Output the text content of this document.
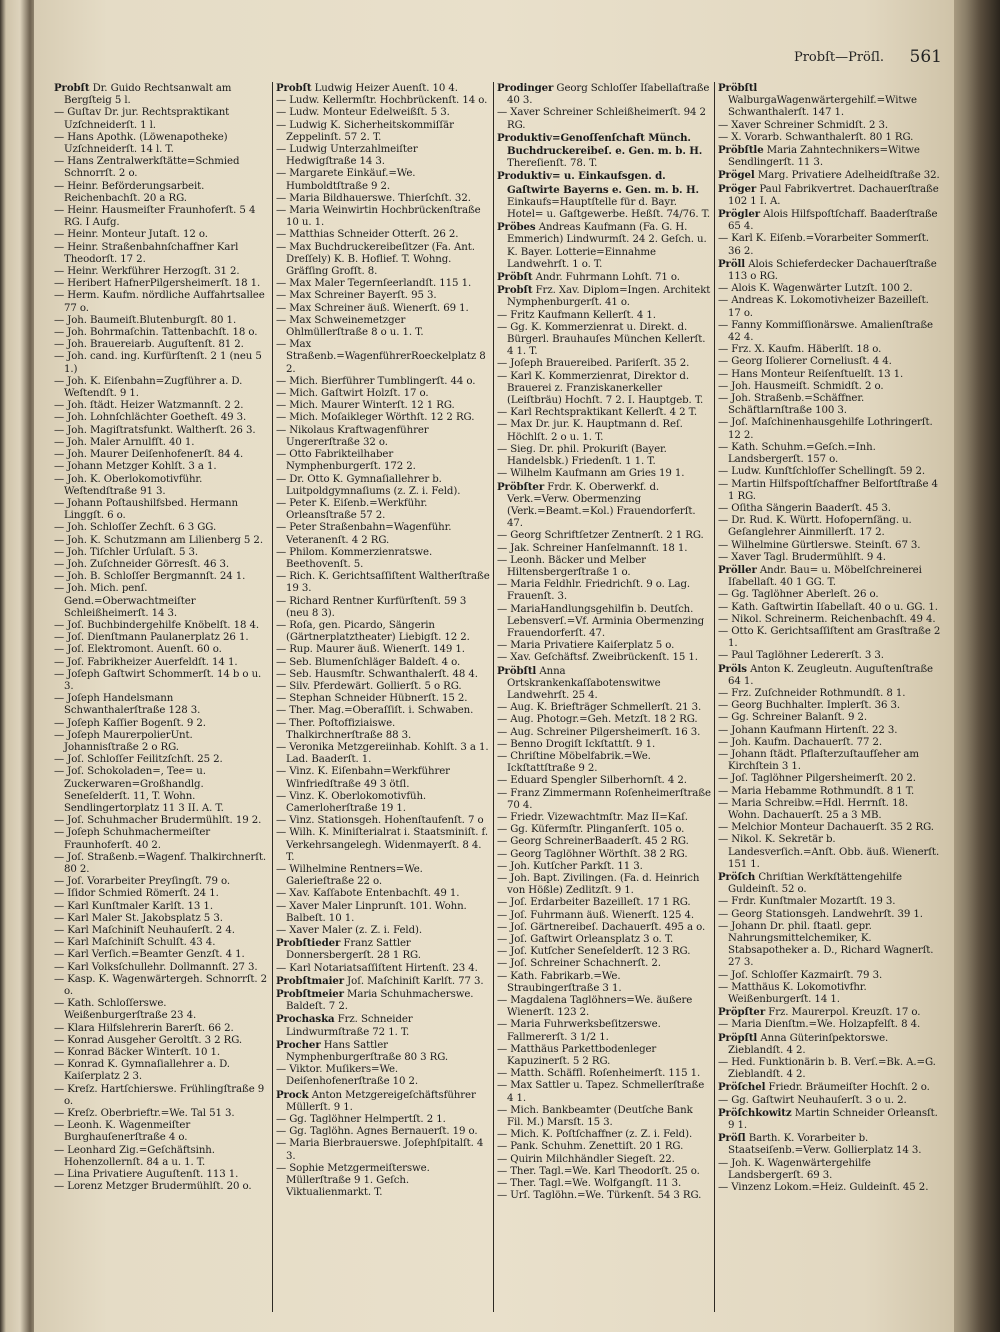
Probſt—Pröſl. 561

Probſt Dr. Guido Rechtsanwalt am Bergſteig 5 l.

— Guſtav Dr. jur. Rechtspraktikant Uzſchneiderſt. 1 l.

— Hans Apothk. (Löwenapotheke) Uzſchneiderſt. 14 l. T.

— Hans Zentralwerkſtätte=Schmied Schnorrſt. 2 o.

— Heinr. Beförderungsarbeit. Reichenbachſt. 20 a RG.

— Heinr. Hausmeiſter Fraunhoferſt. 5 4 RG. I Aufg.

— Heinr. Monteur Jutaſt. 12 o.

— Heinr. Straßenbahnſchaffner Karl Theodorſt. 17 2.

— Heinr. Werkführer Herzogſt. 31 2.

— Heribert HafnerPilgersheimerſt. 18 1.

— Herm. Kaufm. nördliche Auffahrtsallee 77 o.

— Joh. Baumeiſt.Blutenburgſt. 80 1.

— Joh. Bohrmaſchin. Tattenbachſt. 18 o.

— Joh. Brauereiarb. Auguſtenſt. 81 2.

— Joh. cand. ing. Kurfürſtenſt. 2 1 (neu 5 1.)

— Joh. K. Eiſenbahn=Zugführer a. D. Weſtendſt. 9 1.

— Joh. ſtädt. Heizer Watzmannſt. 2 2.

— Joh. Lohnſchlächter Goetheſt. 49 3.

— Joh. Magiſtratsfunkt. Waltherſt. 26 3.

— Joh. Maler Arnulfſt. 40 1.

— Joh. Maurer Deiſenhofenerſt. 84 4.

— Johann Metzger Kohlſt. 3 a 1.

— Joh. K. Oberlokomotivführ. Weſtendſtraße 91 3.

— Johann Poſtaushilfsbed. Hermann Linggſt. 6 o.

— Joh. Schloſſer Zechſt. 6 3 GG.

— Joh. K. Schutzmann am Lilienberg 5 2.

— Joh. Tiſchler Urſulaſt. 5 3.

— Joh. Zuſchneider Görresſt. 46 3.

— Joh. B. Schloſſer Bergmannſt. 24 1.

— Joh. Mich. penſ. Gend.=Oberwachtmeiſter Schleißheimerſt. 14 3.

— Joſ. Buchbindergehilfe Knöbelſt. 18 4.

— Joſ. Dienſtmann Paulanerplatz 26 1.

— Joſ. Elektromont. Auenſt. 60 o.

— Joſ. Fabrikheizer Auerfeldſt. 14 1.

— Joſeph Gaſtwirt Schommerſt. 14 b o u. 3.

— Joſeph Handelsmann Schwanthalerſtraße 128 3.

— Joſeph Kaſſier Bogenſt. 9 2.

— Joſeph MaurerpolierUnt. Johannisſtraße 2 o RG.

— Joſ. Schloſſer Feilitzſchſt. 25 2.

— Joſ. Schokoladen=, Tee= u. Zuckerwaren=Großhandlg. Seneſelderſt. 11, T. Wohn. Sendlingertorplatz 11 3 II. A. T.

— Joſ. Schuhmacher Brudermühlſt. 19 2.

— Joſeph Schuhmachermeiſter Fraunhoferſt. 40 2.

— Joſ. Straßenb.=Wagenf. Thalkirchnerſt. 80 2.

— Joſ. Vorarbeiter Preyſingſt. 79 o.

— Iſidor Schmied Römerſt. 24 1.

— Karl Kunſtmaler Karlſt. 13 1.

— Karl Maler St. Jakobsplatz 5 3.

— Karl Maſchiniſt Neuhauſerſt. 2 4.

— Karl Maſchiniſt Schulſt. 43 4.

— Karl Verſich.=Beamter Genzſt. 4 1.

— Karl Volksſchullehr. Dollmannſt. 27 3.

— Kasp. K. Wagenwärtergeh. Schnorrſt. 2 o.

— Kath. Schloſſerswe. Weißenburgerſtraße 23 4.

— Klara Hilfslehrerin Barerſt. 66 2.

— Konrad Ausgeher Geroltſt. 3 2 RG.

— Konrad Bäcker Winterſt. 10 1.

— Konrad K. Gymnaſiallehrer a. D. Kaiſerplatz 2 3.

— Kreſz. Hartſchierswe. Frühlingſtraße 9 o.

— Kreſz. Oberbrieftr.=We. Tal 51 3.

— Leonh. K. Wagenmeiſter Burghauſenerſtraße 4 o.

— Leonhard Zig.=Geſchäftsinh. Hohenzollernſt. 84 a u. 1. T.

— Lina Privatiere Auguſtenſt. 113 1.

— Lorenz Metzger Brudermühlſt. 20 o.

Probſt Ludwig Heizer Auenſt. 10 4.

— Ludw. Kellermſtr. Hochbrückenſt. 14 o.

— Ludw. Monteur Edelweißſt. 5 3.

— Ludwig K. Sicherheitskommiſſär Zeppelinſt. 57 2. T.

— Ludwig Unterzahlmeiſter Hedwigſtraße 14 3.

— Margarete Einkäuf.=We. Humboldtſtraße 9 2.

— Maria Bildhauerswe. Thierſchſt. 32.

— Maria Weinwirtin Hochbrückenſtraße 10 u. 1.

— Matthias Schneider Otterſt. 26 2.

— Max Buchdruckereibeſitzer (Fa. Ant. Dreſſely) K. B. Hoflief. T. Wohng. Gräfſing Grofſt. 8.

— Max Maler Tegernſeerlandſt. 115 1.

— Max Schreiner Bayerſt. 95 3.

— Max Schreiner äuß. Wienerſt. 69 1.

— Max Schweinemetzger Ohlmüllerſtraße 8 o u. 1. T.

— Max Straßenb.=WagenführerRoeckelplatz 8 2.

— Mich. Bierführer Tumblingerſt. 44 o.

— Mich. Gaſtwirt Holzſt. 17 o.

— Mich. Maurer Winterſt. 12 1 RG.

— Mich. Moſaikleger Wörthſt. 12 2 RG.

— Nikolaus Kraftwagenführer Ungererſtraße 32 o.

— Otto Fabrikteilhaber Nymphenburgerſt. 172 2.

— Dr. Otto K. Gymnaſiallehrer b. Luitpoldgymnaſiums (z. Z. i. Feld).

— Peter K. Eiſenb.=Werkführ. Orleansſtraße 57 2.

— Peter Straßenbahn=Wagenführ. Veteranenſt. 4 2 RG.

— Philom. Kommerzienratswe. Beethovenſt. 5.

— Rich. K. Gerichtsaſſiſtent Waltherſtraße 19 3.

— Richard Rentner Kurfürſtenſt. 59 3 (neu 8 3).

— Roſa, gen. Picardo, Sängerin (Gärtnerplatztheater) Liebigſt. 12 2.

— Rup. Maurer äuß. Wienerſt. 149 1.

— Seb. Blumenſchläger Baldeſt. 4 o.

— Seb. Hausmſtr. Schwanthalerſt. 48 4.

— Silv. Pferdewärt. Gollierſt. 5 o RG.

— Stephan Schneider Hübnerſt. 15 2.

— Ther. Mag.=Oberaſſiſt. i. Schwaben.

— Ther. Poſtoffiziaiswe. Thalkirchnerſtraße 88 3.

— Veronika Metzgereiinhab. Kohlſt. 3 a 1. Lad. Baaderſt. 1.

— Vinz. K. Eiſenbahn=Werkführer Winfriedſtraße 49 3 ötſl.

— Vinz. K. Oberlokomotivfüh. Camerloherſtraße 19 1.

— Vinz. Stationsgeh. Hohenſtaufenſt. 7 o

— Wilh. K. Miniſterialrat i. Staatsminiſt. f. Verkehrsangelegh. Widenmayerſt. 8 4. T.

— Wilhelmine Rentners=We. Galerieſtraße 22 o.

— Xav. Kaſſabote Entenbachſt. 49 1.

— Xaver Maler Linprunſt. 101. Wohn. Balbeſt. 10 1.

— Xaver Maler (z. Z. i. Feld).

Probſtieder Franz Sattler Donnersbergerſt. 28 1 RG.

— Karl Notariatsaſſiſtent Hirtenſt. 23 4.

Probſtmaier Joſ. Maſchiniſt Karlſt. 77 3.

Probſtmeier Maria Schuhmacherswe. Baldeſt. 7 2.

Prochaska Frz. Schneider Lindwurmſtraße 72 1. T.

Procher Hans Sattler Nymphenburgerſtraße 80 3 RG.

— Viktor. Muſikers=We. Deiſenhofenerſtraße 10 2.

Prock Anton Metzgereigeſchäftsführer Müllerſt. 9 1.

— Gg. Taglöhner Helmpertſt. 2 1.

— Gg. Taglöhn. Agnes Bernauerſt. 19 o.

— Maria Bierbrauerswe. Joſephſpitalſt. 4 3.

— Sophie Metzgermeiſterswe. Müllerſtraße 9 1. Geſch. Viktualienmarkt. T.

Prodinger Georg Schloſſer Iſabellaſtraße 40 3.

— Xaver Schreiner Schleißheimerſt. 94 2 RG.

Produktiv=Genoſſenſchaft Münch. Buchdruckereibeſ. e. Gen. m. b. H. Thereſienſt. 78. T.

Produktiv= u. Einkaufsgen. d. Gaſtwirte Bayerns e. Gen. m. b. H. Einkaufs=Hauptſtelle für d. Bayr. Hotel= u. Gaſtgewerbe. Heßſt. 74/76. T.

Pröbes Andreas Kaufmann (Fa. G. H. Emmerich) Lindwurmſt. 24 2. Geſch. u. K. Bayer. Lotterie=Einnahme Landwehrſt. 1 o. T.

Pröbſt Andr. Fuhrmann Lohſt. 71 o.

Probſt Frz. Xav. Diplom=Ingen. Architekt Nymphenburgerſt. 41 o.

— Fritz Kaufmann Kellerſt. 4 1.

— Gg. K. Kommerzienrat u. Direkt. d. Bürgerl. Brauhauſes München Kellerſt. 4 1. T.

— Joſeph Brauereibed. Pariſerſt. 35 2.

— Karl K. Kommerzienrat, Direktor d. Brauerei z. Franziskanerkeller (Leiſtbräu) Hochſt. 7 2. I. Hauptgeb. T.

— Karl Rechtspraktikant Kellerſt. 4 2 T.

— Max Dr. jur. K. Hauptmann d. Reſ. Höchlſt. 2 o u. 1. T.

— Sieg. Dr. phil. Prokuriſt (Bayer. Handelsbk.) Friedenſt. 1 1. T.

— Wilhelm Kaufmann am Gries 19 1.

Pröbſter Frdr. K. Oberwerkf. d. Verk.=Verw. Obermenzing (Verk.=Beamt.=Kol.) Frauendorferſt. 47.

— Georg Schriftſetzer Zentnerſt. 2 1 RG.

— Jak. Schreiner Hanſelmannſt. 18 1.

— Leonh. Bäcker und Melber Hiltensbergerſtraße 1 o.

— Maria Feldhlr. Friedrichſt. 9 o. Lag. Frauenſt. 3.

— MariaHandlungsgehilfin b. Deutſch. Lebensverſ.=Vf. Arminia Obermenzing Frauendorferſt. 47.

— Maria Privatiere Kaiſerplatz 5 o.

— Xav. Geſchäftsf. Zweibrückenſt. 15 1.

Pröbſtl Anna Ortskrankenkaſſabotenswitwe Landwehrſt. 25 4.

— Aug. K. Briefträger Schmellerſt. 21 3.

— Aug. Photogr.=Geh. Metzſt. 18 2 RG.

— Aug. Schreiner Pilgersheimerſt. 16 3.

— Benno Drogiſt Ickſtattſt. 9 1.

— Chriſtine Möbelfabrik.=We. Ickſtattſtraße 9 2.

— Eduard Spengler Silberhornſt. 4 2.

— Franz Zimmermann Roſenheimerſtraße 70 4.

— Friedr. Vizewachtmſtr. Maz II=Kaſ.

— Gg. Küfermſtr. Plinganſerſt. 105 o.

— Georg SchreinerBaaderſt. 45 2 RG.

— Georg Taglöhner Wörthſt. 38 2 RG.

— Joh. Kutſcher Parkſt. 11 3.

— Joh. Bapt. Zivilingen. (Fa. d. Heinrich von Hößle) Zedlitzſt. 9 1.

— Joſ. Erdarbeiter Bazeilleſt. 17 1 RG.

— Joſ. Fuhrmann äuß. Wienerſt. 125 4.

— Joſ. Gärtnereibeſ. Dachauerſt. 495 a o.

— Joſ. Gaſtwirt Orleansplatz 3 o. T.

— Joſ. Kutſcher Seneſelderſt. 12 3 RG.

— Joſ. Schreiner Schachnerſt. 2.

— Kath. Fabrikarb.=We. Straubingerſtraße 3 1.

— Magdalena Taglöhners=We. äußere Wienerſt. 123 2.

— Maria Fuhrwerksbeſitzerswe. Fallmererſt. 3 1/2 1.

— Matthäus Parkettbodenleger Kapuzinerſt. 5 2 RG.

— Matth. Schäffl. Roſenheimerſt. 115 1.

— Max Sattler u. Tapez. Schmellerſtraße 4 1.

— Mich. Bankbeamter (Deutſche Bank Fil. M.) Marsſt. 15 3.

— Mich. K. Poſtſchaffner (z. Z. i. Feld).

— Pank. Schuhm. Zenettiſt. 20 1 RG.

— Quirin Milchhändler Siegeſt. 22.

— Ther. Tagl.=We. Karl Theodorſt. 25 o.

— Ther. Tagl.=We. Wolfgangſt. 11 3.

— Urſ. Taglöhn.=We. Türkenſt. 54 3 RG.

Pröbſtl WalburgaWagenwärtergehilf.=Witwe Schwanthalerſt. 147 1.

— Xaver Schreiner Schmidſt. 2 3.

— X. Vorarb. Schwanthalerſt. 80 1 RG.

Pröbſtle Maria Zahntechnikers=Witwe Sendlingerſt. 11 3.

Prögel Marg. Privatiere Adelheidſtraße 32.

Pröger Paul Fabrikvertret. Dachauerſtraße 102 1 I. A.

Prögler Alois Hilfspoſtſchaff. Baaderſtraße 65 4.

— Karl K. Eiſenb.=Vorarbeiter Sommerſt. 36 2.

Pröll Alois Schieferdecker Dachauerſtraße 113 o RG.

— Alois K. Wagenwärter Lutzſt. 100 2.

— Andreas K. Lokomotivheizer Bazeilleſt. 17 o.

— Fanny Kommiſſionärswe. Amalienſtraße 42 4.

— Frz. X. Kaufm. Häberlſt. 18 o.

— Georg Iſolierer Corneliusſt. 4 4.

— Hans Monteur Reiſenſtuelſt. 13 1.

— Joh. Hausmeiſt. Schmidſt. 2 o.

— Joh. Straßenb.=Schäffner. Schäftlarnſtraße 100 3.

— Joſ. Maſchinenhausgehilfe Lothringerſt. 12 2.

— Kath. Schuhm.=Geſch.=Inh. Landsbergerſt. 157 o.

— Ludw. Kunſtſchloſſer Schellingſt. 59 2.

— Martin Hilfspoſtſchaffner Belfortſtraße 4 1 RG.

— Oſitha Sängerin Baaderſt. 45 3.

— Dr. Rud. K. Württ. Hofopernſäng. u. Geſanglehrer Ainmillerſt. 17 2.

— Wilhelmine Gürtlerswe. Steinſt. 67 3.

— Xaver Tagl. Brudermühlſt. 9 4.

Pröller Andr. Bau= u. Möbelſchreinerei Iſabellaſt. 40 1 GG. T.

— Gg. Taglöhner Aberleſt. 26 o.

— Kath. Gaſtwirtin Iſabellaſt. 40 o u. GG. 1.

— Nikol. Schreinerm. Reichenbachſt. 49 4.

— Otto K. Gerichtsaſſiſtent am Grasſtraße 2 1.

— Paul Taglöhner Ledererſt. 3 3.

Pröls Anton K. Zeugleutn. Auguſtenſtraße 64 1.

— Frz. Zuſchneider Rothmundſt. 8 1.

— Georg Buchhalter. Implerſt. 36 3.

— Gg. Schreiner Balanſt. 9 2.

— Johann Kaufmann Hirtenſt. 22 3.

— Joh. Kaufm. Dachauerſt. 77 2.

— Johann ſtädt. Pflaſterzuſtaufſeher am Kirchſtein 3 1.

— Joſ. Taglöhner Pilgersheimerſt. 20 2.

— Maria Hebamme Rothmundſt. 8 1 T.

— Maria Schreibw.=Hdl. Herrnſt. 18. Wohn. Dachauerſt. 25 a 3 MB.

— Melchior Monteur Dachauerſt. 35 2 RG.

— Nikol. K. Sekretär b. Landesverſich.=Anſt. Obb. äuß. Wienerſt. 151 1.

Pröſch Chriſtian Werkſtättengehilfe Guldeinſt. 52 o.

— Frdr. Kunſtmaler Mozartſt. 19 3.

— Georg Stationsgeh. Landwehrſt. 39 1.

— Johann Dr. phil. ſtaatl. gepr. Nahrungsmittelchemiker, K. Stabsapotheker a. D., Richard Wagnerſt. 27 3.

— Joſ. Schloſſer Kazmairſt. 79 3.

— Matthäus K. Lokomotivfhr. Weißenburgerſt. 14 1.

Pröpſter Frz. Maurerpol. Kreuzſt. 17 o.

— Maria Dienſtm.=We. Holzapfelſt. 8 4.

Pröpſtl Anna Güterinſpektorswe. Zieblandſt. 4 2.

— Hed. Funktionärin b. B. Verſ.=Bk. A.=G. Zieblandſt. 4 2.

Pröſchel Friedr. Bräumeiſter Hochſt. 2 o.

— Gg. Gaſtwirt Neuhauſerſt. 3 o u. 2.

Pröſchkowitz Martin Schneider Orleansſt. 9 1.

Pröſl Barth. K. Vorarbeiter b. Staatseiſenb.=Verw. Gollierplatz 14 3.

— Joh. K. Wagenwärtergehilfe Landsbergerſt. 69 3.

— Vinzenz Lokom.=Heiz. Guldeinſt. 45 2.
